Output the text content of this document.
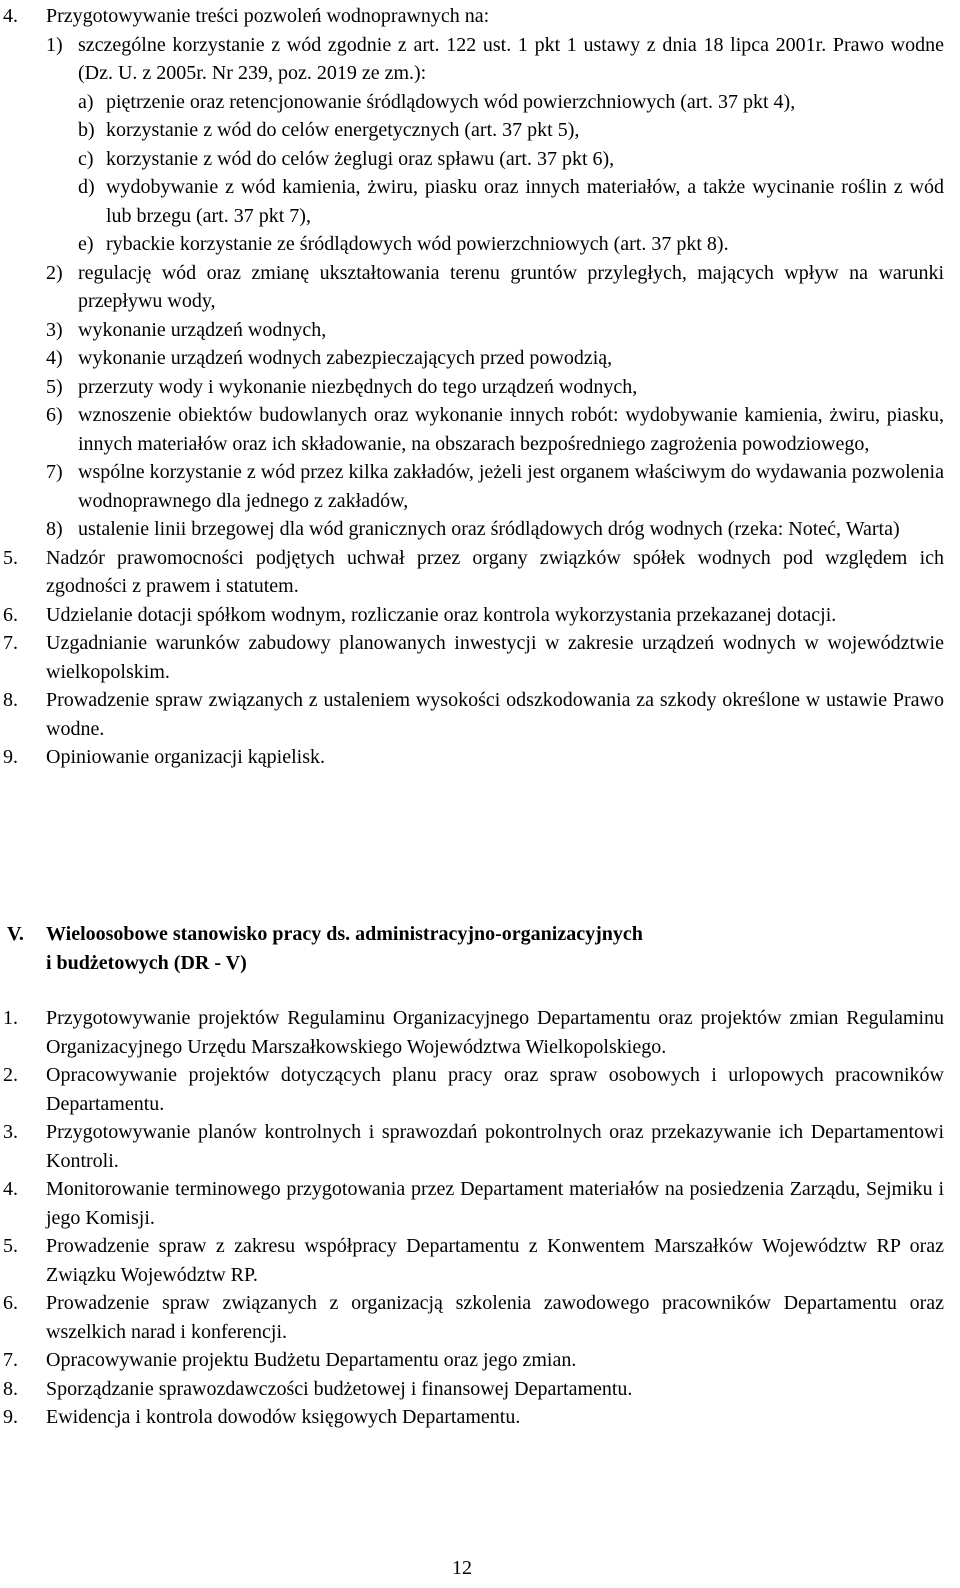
4. Przygotowywanie treści pozwoleń wodnoprawnych na:
1) szczególne korzystanie z wód zgodnie z art. 122 ust. 1 pkt 1 ustawy z dnia 18 lipca 2001r. Prawo wodne (Dz. U. z 2005r. Nr 239, poz. 2019 ze zm.):
a) piętrzenie oraz retencjonowanie śródlądowych wód powierzchniowych (art. 37 pkt 4),
b) korzystanie z wód do celów energetycznych (art. 37 pkt 5),
c) korzystanie z wód do celów żeglugi oraz spławu (art. 37 pkt 6),
d) wydobywanie z wód kamienia, żwiru, piasku oraz innych materiałów, a także wycinanie roślin z wód lub brzegu (art. 37 pkt 7),
e) rybackie korzystanie ze śródlądowych wód powierzchniowych (art. 37 pkt 8).
2) regulację wód oraz zmianę ukształtowania terenu gruntów przyległych, mających wpływ na warunki przepływu wody,
3) wykonanie urządzeń wodnych,
4) wykonanie urządzeń wodnych zabezpieczających przed powodzią,
5) przerzuty wody i wykonanie niezbędnych do tego urządzeń wodnych,
6) wznoszenie obiektów budowlanych oraz wykonanie innych robót: wydobywanie kamienia, żwiru, piasku, innych materiałów oraz ich składowanie, na obszarach bezpośredniego zagrożenia powodziowego,
7) wspólne korzystanie z wód przez kilka zakładów, jeżeli jest organem właściwym do wydawania pozwolenia wodnoprawnego dla jednego z zakładów,
8) ustalenie linii brzegowej dla wód granicznych oraz śródlądowych dróg wodnych (rzeka: Noteć, Warta)
5. Nadzór prawomocności podjętych uchwał przez organy związków spółek wodnych pod względem ich zgodności z prawem i statutem.
6. Udzielanie dotacji spółkom wodnym, rozliczanie oraz kontrola wykorzystania przekazanej dotacji.
7. Uzgadnianie warunków zabudowy planowanych inwestycji w zakresie urządzeń wodnych w województwie wielkopolskim.
8. Prowadzenie spraw związanych z ustaleniem wysokości odszkodowania za szkody określone w ustawie Prawo wodne.
9. Opiniowanie organizacji kąpielisk.
V. Wieloosobowe stanowisko pracy ds. administracyjno-organizacyjnych
i budżetowych (DR - V)
1. Przygotowywanie projektów Regulaminu Organizacyjnego Departamentu oraz projektów zmian Regulaminu Organizacyjnego Urzędu Marszałkowskiego Województwa Wielkopolskiego.
2. Opracowywanie projektów dotyczących planu pracy oraz spraw osobowych i urlopowych pracowników Departamentu.
3. Przygotowywanie planów kontrolnych i sprawozdań pokontrolnych oraz przekazywanie ich Departamentowi Kontroli.
4. Monitorowanie terminowego przygotowania przez Departament materiałów na posiedzenia Zarządu, Sejmiku i jego Komisji.
5. Prowadzenie spraw z zakresu współpracy Departamentu z Konwentem Marszałków Województw RP oraz Związku Województw RP.
6. Prowadzenie spraw związanych z organizacją szkolenia zawodowego pracowników Departamentu oraz wszelkich narad i konferencji.
7. Opracowywanie projektu Budżetu Departamentu oraz jego zmian.
8. Sporządzanie sprawozdawczości budżetowej i finansowej Departamentu.
9. Ewidencja i kontrola dowodów księgowych Departamentu.
12
